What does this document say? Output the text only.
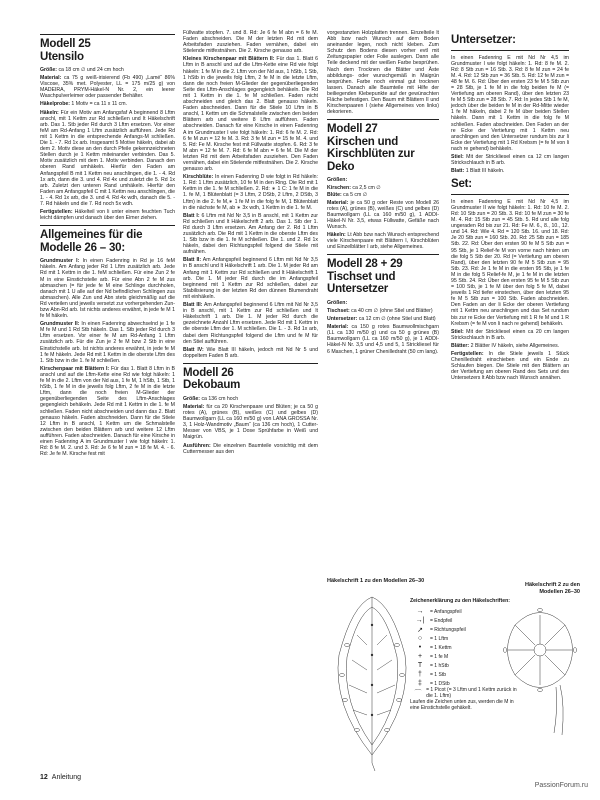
Modell 25
Utensilo
Größe: ca 18 cm ∅ und 24 cm hoch
Material: ca 75 g weiß-irisierend (Fb 490) „Lamé“ 86% Viscose, 35% met. Polyester, LL = 175 m/25 g) von MADEIRA, PRYM-Häkel-N Nr. 2, ein leerer Waschpulverleimer oder passender Behälter.
Häkelprobe: 1 Motiv = ca 11 x 11 cm.
Häkeln: Für ein Motiv am Anfangsfaf A beginnend 8 Lftm anschl, mit 1 Kettm zur Rd schließen und lt Häkelschrift arb. Das 1. Stb jeder Rd durch 3 Lftm ersetzen. Vor einer feM am Rd-Anfang 1 Lftm zusätzlich aufführen. Jede Rd mit 1 Kettm in die entsprechende Anfangs-M schließen. Die 1. - 7. Rd 1x arb. Insgesamt 5 Motive häkeln, dabei ab dem 2. Motiv diese an den durch Pfeile gekennzeichneten Stellen durch je 1 Kettm miteinander verbinden. Das 5. Motiv zusätzlich mit dem 1. Motiv verbinden. Danach den oberen Rand umhäkeln. Hierfür den Faden am Anfangspfeil B mit 1 Kettm neu anschlingen, die 1. - 4. Rd 1x arb, dann die 3. und 4. Rd 4x und zuletzt die 5. Rd 1x arb. Zuletzt den unteren Rand umhäkeln. Hierfür den Faden am Anfangspfeil C mit 1 Kettm neu anschlingen, die 1. - 4. Rd 1x arb, die 3. und 4. Rd 4x wdh, danach die 5. - 7. Rd häkeln und die 7. Rd noch 5x wdh.
Fertigstellen: Häkelteil von li unter einem feuchten Tuch leicht dämpfen und danach über den Eimer ziehen.
Allgemeines für die Modelle 26 – 30:
Grundmuster I: In einen Fadenring in Rd je 16 feM häkeln. Am Anfang jeder Rd 1 Lftm zusätzlich arb. Jede Rd mit 1 Kettm in die 1. feM schließen. Für eine Zun 2 fe M in eine Einstichstelle arb. Für eine Abn 2 fe M zus abmaschen (= für jede fe M eine Schlinge durchholen, danach mit 1 U alle auf der Nd befindlichen Schlingen zus abmaschen). Alle Zun und Abn stets gleichmäßig auf die Rd verteilen und jeweils versetzt zur vorhergehenden Zun- bzw Abn-Rd arb. Ist nichts anderes erwähnt, in jede fe M 1 fe M häkeln.
Grundmuster II: In einen Fadenring abwechselnd je 1 fe M fe M und 1 Rd Stb häkeln. Das 1. Stb jeder Rd durch 3 Lftm ersetzen. Vor einer fe M am Rd-Anfang 1 Lftm zusätzlich arb. Für die Zun je 2 fe M bzw 2 Stb in eine Einstichstelle arb. Ist nichts anderes erwähnt, in jede fe M 1 fe M häkeln. Jede Rd mit 1 Kettm in die oberste Lftm des 1. Stb bzw in die 1. fe M schließen.
Kirschenpaar mit Blättern I: Für das 1. Blatt 8 Lftm in B anschl und auf die Lftm-Kette eine Rd wie folgt häkeln: 1 fe M in die 2. Lftm von der Nd aus, 1 fe M, 1 hStb, 1 Stb, 1 hStb, 1 fe M in die jeweils folg Lftm, 2 fe M in die letzte Lftm, dann die noch freien M-Glieder der gegenüberliegenden Seite des Lftm-Anschlages gegengleich behäkeln. Jede Rd mit 1 Kettm in die 1. fe M schließen. Faden nicht abschneiden und dann das 2. Blatt genauso häkeln. Faden abschneiden. Dann für die Stiele 12 Lftm in B anschl, 1 Kettm um die Schmalstelle zwischen den beiden Blättern arb und weitere 12 Lftm aufführen. Faden abschneiden. Danach für eine Kirsche in einen Fadenring A im Grundmuster I wie folgt häkeln: 1. Rd: 8 fe M. 2. und 3. Rd: Je 6 fe M zun = 18 fe M. 4. - 6. Rd: Je fe M. Kirsche fest mit
Füllwatte stopfen. 7. und 8. Rd: Je 6 fe M abn = 6 fe M. Faden abschneiden. Die M der letzten Rd mit dem Arbeitsfaden zusziehen. Faden vernähen, dabei ein Stielende mitfestnähen. Die 2. Kirsche genauso arb.
Kleines Kirschenpaar mit Blättern II: Für das 1. Blatt 6 Lftm in B anschl und auf die Lftm-Kette eine Rd wie folgt häkeln: 1 fe M in die 2. Lftm von der Nd aus, 1 hStb, 1 Stb, 1 hStb in die jeweils folg Lftm, 2 fe M in die letzte Lftm, dann die noch freien M-Glieder der gegenüberliegenden Seite des Lftm-Anschlages gegengleich behäkeln. Die Rd mit 1 Kettm in die 1. fe M schließen. Faden nicht abschneiden und gleich das 2. Blatt genauso häkeln. Faden abschneiden. Dann für die Stiele 10 Lftm in B anschl, 1 Kettm um die Schmalstelle zwischen den beiden Blättern arb und weitere 8 Lftm aufführen. Faden abschneiden. Danach für eine Kirsche in einen Fadenring A im Grundmuster I wie folgt häkeln: 1. Rd: 6 fe M. 2. Rd: 6 fe M zun = 12 fe M. 3. Rd: 3 fe M zun = 15 fe M. 4. und 5. Rd: Fe M. Kirsche fest mit Füllwatte stopfen. 6. Rd: 3 fe M abn = 12 fe M. 7. Rd: 6 fe M abn = 6 fe M. Die M der letzten Rd mit dem Arbeitsfaden zusziehen. Den Faden vernähen, dabei ein Stielende mitfestnähen. Die 2. Kirsche genauso arb.
Kirschblüte: In einen Fadenring D wie folgt in Rd häkeln: 1. Rd: 1 Lftm zusätzlich, 10 fe M in den Ring. Die Rd mit 1 Kettm in die 1. fe M schließen. 2. Rd: ∗ 1 C: 1 fe M in die 1. fe M, 1 Blütenblatt (= 3 Lftm, 2 DStb, 2 Lftm, 2 DStb, 3 Lftm) in die 2. fe M,∗ 1 fe M in die folg fe M, 1 Blütenblatt in die nächste fe M, ab ∗ 3x wdh, 1 Kettm in die 1. fe M.
Blatt I: 6 Lftm mit Nd Nr 3,5 in B anschl, mit 1 Kettm zur Rd schließen und lt Häkelschrift 2 arb. Das 1. Stb der 1. Rd durch 3 Lftm ersetzen. Am Anfang der 2. Rd 1 Lftm zusätzlich arb. Die Rd mit 1 Kettm in die oberste Lftm des 1. Stb bzw in die 1. fe M schließen. Die 1. und 2. Rd 1x häkeln, dabei den Richtungspfeil folgend die Stiele mit aufnähen.
Blatt II: Am Anfangspfeil beginnend 6 Lftm mit Nd Nr 3,5 in B anschl und lt Häkelschrift 1 arb. Die 1. M jeder Rd am Anfang mit 1 Kettm zur Rd schließen und lt Häkelschrift 1 arb. Die 1. M jeder Rd durch die im Anfangspfeil beginnend mit 1 Kettm zur Rd schließen, dabei zur Stabilisierung in der letzten Rd den dünnen Blumendraht mit einhäkeln.
Blatt III: Am Anfangspfeil beginnend 6 Lftm mit Nd Nr 3,5 in B anschl, mit 1 Kettm zur Rd schließen und lt Häkelschrift 1 arb. Die 1. M jeder Rd durch die gezeichnete Anzahl Lftm ersetzen. Jede Rd mit 1 Kettm in die oberste Lftm der 1. M schließen. Die 1. - 3. Rd 1x arb, dabei dem Richtungspfeil folgend die Lftm und fe M für den Stiel aufführen.
Blatt IV: Wie Blatt III häkeln, jedoch mit Nd Nr 5 und doppeltem Faden B arb.
Modell 26
Dekobaum
Größe: ca 136 cm hoch
Material: für ca 20 Kirschenpaare und Blüten; je ca 50 g rotes (A), grünes (B), weißes (C) und gelbes (D) Baumwollgarn (LL ca 160 m/50 g) von LANA GROSSA Nr. 3, 1 Holz-Wandmotiv „Baum“ (ca 136 cm hoch), 1 Cutter-Messer von VBS, je 1 Dose Sprühfarbe in Weiß und Maigrün.
Ausführen: Die einzelnen Baumteile vorsichtig mit dem Cuttermesser aus den
vorgestanzten Holzplatten trennen. Einzelteile lt Abb bzw nach Wunsch auf dem Boden aneinander legen, noch nicht kleben. Zum Schutz den Bodens diesen vorher evtl mit Zeitungspapier oder Folie auslegen. Dann alle Teile deckend mit der weißen Farbe besprühen. Nach dem Trocknen die Blätter und Äste abbildungs- oder wunschgemäß in Maigrün besprühen. Farbe noch einmal gut trocknen lassen. Danach alle Baumteile mit Hilfe der beiliegenden Klebepunkte auf der gewünschten Fläche befestigen. Den Baum mit Blättern II und Kirschenpaaren I (siehe Allgemeines von links) dekorieren.
Modell 27
Kirschen und Kirschblüten zur Deko
Größen:
Kirschen: ca 2,5 cm ∅
Blüte: ca 5 cm ∅
Material: je ca 50 g oder Reste von Modell 26 rotes (A), grünes (B), weißes (C) und gelbes (D) Baumwollgarn (LL ca 160 m/50 g), 1 ADDI-Häkel-N Nr. 3,5, etwas Füllwatte, Gefäße nach Wunsch.
Häkeln: Lt Abb bzw nach Wunsch entsprechend viele Kirschenpaare mit Blättern I, Kirschblüten und Einzelblätter I arb, siehe Allgemeines.
Modell 28 + 29
Tischset und Untersetzer
Größen:
Tischset: ca 40 cm ∅ (ohne Stiel und Blätter)
Untersetzer: ca 12 cm ∅ (ohne Stiel und Blatt)
Material: ca 150 g rotes Baumwollmischgarn (LL ca 130 m/50 g) und ca 50 g grünes (B) Baumwollgarn (LL ca 160 m/50 g), je 1 ADDI-Häkel-N Nr. 3,5 und 4,5 und 5, 1 Strickliesel für 6 Maschen, 1 grüner Chenilledraht (50 cm lang).
Untersetzer:
In einen Fadenring E mit Nd Nr 4,5 im Grundmuster I wie folgt häkeln: 1. Rd: 8 fe M. 2. Rd: 8 Stb zun = 16 Stb. 3. Rd: 8 fe M zun = 24 fe M. 4. Rd: 12 Stb zun = 36 Stb. 5. Rd: 12 fe M zun = 48 fe M. 6. Rd: Über den ersten 23 fe M 5 Stb zun = 28 Stb, je 1 fe M in die folg beiden fe M (= Vertiefung am oberen Rand), über den letzten 23 fe M 5 Stb zun = 28 Stb. 7. Rd: In jedes Stb 1 fe M, jedoch über die beiden fe M in der Rd-Mitte wieder 1 fe M häkeln, dabei 2 fe M über beiden Stellen häkeln. Dann mit 1 Kettm in die folg fe M schließen. Faden abschneiden. Den Faden an der re Ecke der Vertiefung mit 1 Kettm neu anschlingen und den Untersetzer rundum bis zur li Ecke der Vertiefung mit 1 Rd Krebsm (= fe M von li nach re gehend) behäkeln.
Stiel: Mit der Strickliesel einen ca 12 cm langen Strickschlauch in B arb.
Blatt: 1 Blatt III häkeln.
Set:
In einen Fadenring E mit Nd Nr 4,5 im Grundmuster II wie folgt häkeln: 1. Rd: 10 fe M. 2. Rd: 10 Stb zun = 20 Stb. 3. Rd: 10 fe M zun = 30 fe M. 4. Rd: 15 Stb zun = 45 Stb. 5. Rd und alle folg ungeraden Rd bis zur 21. Rd: Fe M. 6., 8., 10., 12. und 14. Rd: Wie 4. Rd = 120 Stb. 16. und 18. Rd: Je 20 Stb zun = 160 Stb. 20. Rd: 25 Stb zun = 185 Stb. 22. Rd: Über den ersten 90 fe M 5 Stb zun = 95 Stb, je 1 Relief-fe M von vorne nach hinten um die folg 5 Stb der 20. Rd (= Vertiefung am oberen Rand), über den letzten 90 fe M 5 Stb zun = 95 Stb. 23. Rd: Je 1 fe M in die ersten 95 Stb, je 1 fe M in die folg 5 Relief-fe M, je 1 fe M in die letzten 95 Stb. 24. Rd: Über den ersten 95 fe M 5 Stb zun = 100 Stb, je 1 fe M über den folg 5 fe M, dabei jeweils 1 Rd tiefer einstechen, über den letzten 95 fe M 5 Stb zun = 100 Stb. Faden abschneiden. Den Faden an der li Ecke der oberen Vertiefung mit 1 Kettm neu anschlingen und das Set rundum bis zur re Ecke der Vertiefung mit 1 R fe M und 1 R Krebsm (= fe M von li nach re gehend) behäkeln.
Stiel: Mit der Strickliesel einen ca 20 cm langen Strickschlauch in B arb.
Blätter: 2 Blätter IV häkeln, siehe Allgemeines.
Fertigstellen: In die Stiele jeweils 1 Stück Chenilledraht einschieben und ein Ende zu Schlaufen biegen. Die Stiele mit den Blättern an der Vertiefung am oberen Rand des Sets und des Untersetzers lt Abb bzw nach Wunsch annähen.
Häkelschrift 1 zu den Modellen 26–30
Zeichenerklärung zu den Häkelschriften:
→	= Anfangspfeil
→|	= Endpfeil
↗	= Richtungspfeil
○	= 1 Lftm
•	= 1 Kettm
+	= 1 fe M
T	= 1 hStb
†	= 1 Stb
‡	= 1 DStb
⌒ = 1 Picot (= 3 Lftm und 1 Kettm zurück in die 1. Lftm)
Laufen die Zeichen unten zus, werden die M in eine Einstichstelle gehäkelt.
Häkelschrift 2 zu den Modellen 26–30
12 Anleitung
PassionForum.ru
